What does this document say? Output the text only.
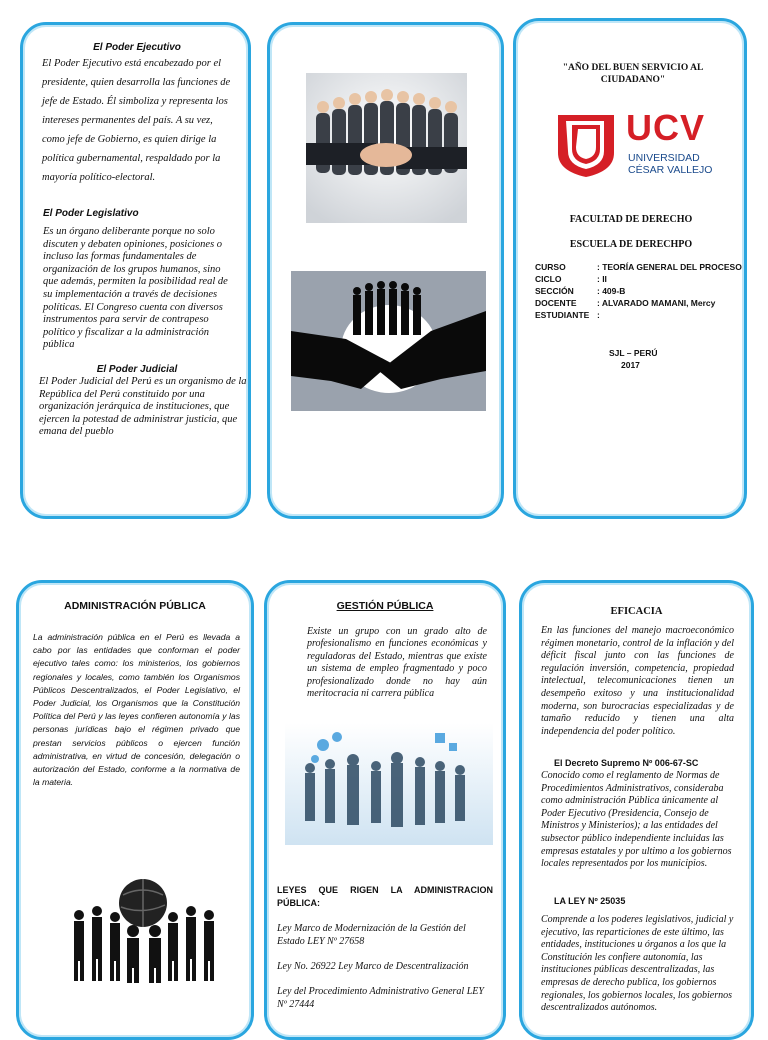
El Poder Ejecutivo

El Poder Ejecutivo está encabezado por el presidente, quien desarrolla las funciones de jefe de Estado. Él simboliza y representa los intereses permanentes del país. A su vez, como jefe de Gobierno, es quien dirige la política gubernamental, respaldado por la mayoría político-electoral.

El Poder Legislativo

Es un órgano deliberante porque no solo discuten y debaten opiniones, posiciones o incluso las formas fundamentales de organización de los grupos humanos, sino que además, permiten la posibilidad real de su implementación a través de decisiones políticas. El Congreso cuenta con diversos instrumentos para servir de contrapeso político y fiscalizar a la administración pública

El Poder Judicial

El Poder Judicial del Perú es un organismo de la República del Perú constituido por una organización jerárquica de instituciones, que ejercen la potestad de administrar justicia, que emana del pueblo

"AÑO DEL BUEN SERVICIO AL CIUDADANO"

UCV

UNIVERSIDAD

CÉSAR VALLEJO

FACULTAD DE DERECHO

ESCUELA DE DERECHPO

CURSO	: TEORÍA GENERAL DEL PROCESO
CICLO	: II
SECCIÓN	: 409-B
DOCENTE : ALVARADO MAMANI, Mercy
ESTUDIANTE :

SJL – PERÚ

2017

ADMINISTRACIÓN PÚBLICA

La administración pública en el Perú es llevada a cabo por las entidades que conforman el poder ejecutivo tales como: los ministerios, los gobiernos regionales y locales, como también los Organismos Públicos Descentralizados, el Poder Legislativo, el Poder Judicial, los Organismos que la Constitución Política del Perú y las leyes confieren autonomía y las personas jurídicas bajo el régimen privado que prestan servicios públicos o ejercen función administrativa, en virtud de concesión, delegación o autorización del Estado, conforme a la normativa de la materia.

GESTIÓN PÚBLICA

Existe un grupo con un grado alto de profesionalismo en funciones económicas y reguladoras del Estado, mientras que existe un sistema de empleo fragmentado y poco profesionalizado donde no hay aún meritocracia ni carrera pública

LEYES QUE RIGEN LA ADMINISTRACION PÚBLICA:

Ley Marco de Modernización de la Gestión del Estado LEY Nº 27658

Ley No. 26922 Ley Marco de Descentralización

Ley del Procedimiento Administrativo General LEY Nº 27444

EFICACIA

En las funciones del manejo macroeconómico régimen monetario, control de la inflación y del déficit fiscal junto con las funciones de regulación inversión, competencia, propiedad intelectual, telecomunicaciones tienen un desempeño exitoso y una institucionalidad moderna, son burocracias especializadas y de tamaño reducido y tienen una alta independencia del poder político.

El Decreto Supremo Nº 006-67-SC

Conocido como el reglamento de Normas de Procedimientos Administrativos, consideraba como administración Pública únicamente al Poder Ejecutivo (Presidencia, Consejo de Ministros y Ministerios); a las entidades del subsector público independiente incluidas las empresas estatales y por ultimo a los gobiernos locales representados por los municipios.

LA LEY Nº 25035

Comprende a los poderes legislativos, judicial y ejecutivo, las reparticiones de este último, las entidades, instituciones u órganos a los que la Constitución les confiere autonomía, las instituciones públicas descentralizadas, las empresas de derecho publica, los gobiernos regionales, los gobiernos locales, los gobiernos descentralizados autónomos.
